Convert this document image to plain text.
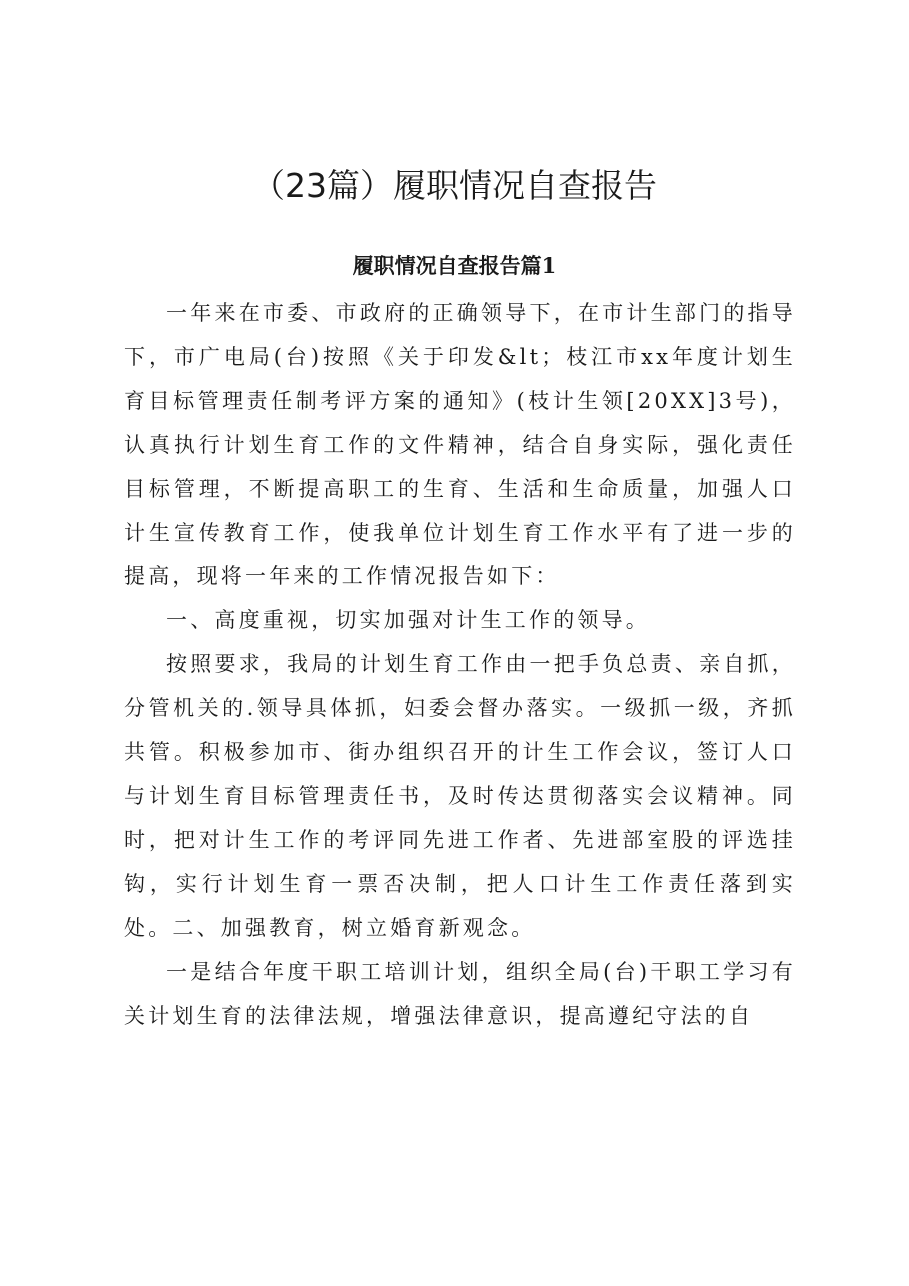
（23篇）履职情况自查报告
履职情况自查报告篇1

一年来在市委、市政府的正确领导下，在市计生部门的指导下，市广电局(台)按照《关于印发&lt；枝江市xx年度计划生育目标管理责任制考评方案的通知》(枝计生领[20XX]3号)，认真执行计划生育工作的文件精神，结合自身实际，强化责任目标管理，不断提高职工的生育、生活和生命质量，加强人口计生宣传教育工作，使我单位计划生育工作水平有了进一步的提高，现将一年来的工作情况报告如下：

一、高度重视，切实加强对计生工作的领导。

按照要求，我局的计划生育工作由一把手负总责、亲自抓，分管机关的.领导具体抓，妇委会督办落实。一级抓一级，齐抓共管。积极参加市、街办组织召开的计生工作会议，签订人口与计划生育目标管理责任书，及时传达贯彻落实会议精神。同时，把对计生工作的考评同先进工作者、先进部室股的评选挂钩，实行计划生育一票否决制，把人口计生工作责任落到实处。二、加强教育，树立婚育新观念。

一是结合年度干职工培训计划，组织全局(台)干职工学习有关计划生育的法律法规，增强法律意识，提高遵纪守法的自
